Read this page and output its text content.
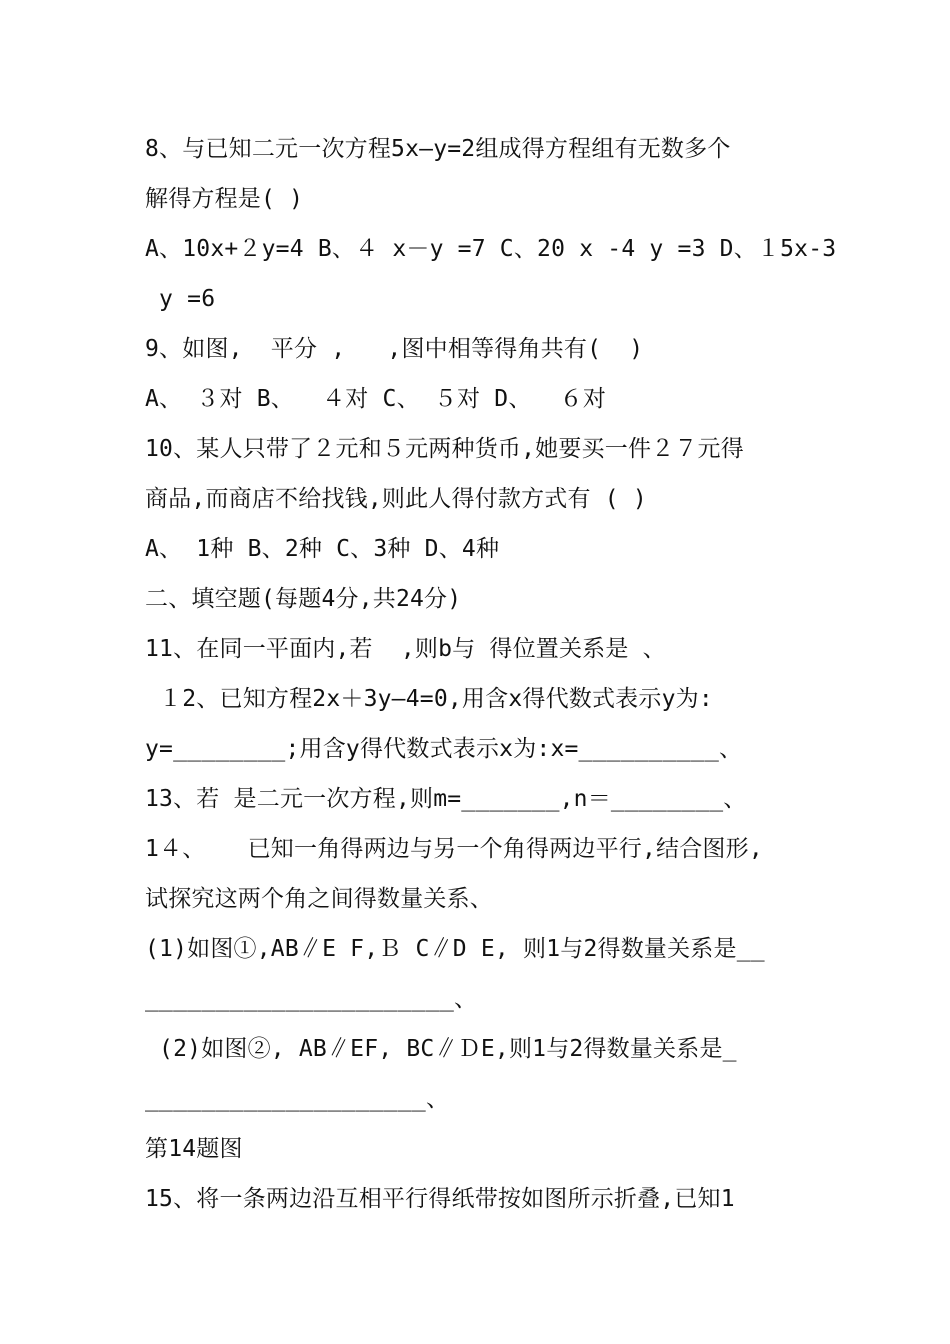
8、与已知二元一次方程5x—y=2组成得方程组有无数多个
解得方程是( )
A、10x+２y=4 B、４ x－y =7 C、20 x -4 y =3 D、１5x-3
y =6
9、如图,  平分 ,   ,图中相等得角共有(  )
A、 ３对 B、  ４对 C、 ５对 D、  ６对
10、某人只带了２元和５元两种货币,她要买一件２７元得
商品,而商店不给找钱,则此人得付款方式有 ( )
A、 1种 B、2种 C、3种 D、4种
二、填空题(每题4分,共24分)
11、在同一平面内,若  ,则b与 得位置关系是 、
１2、已知方程2x＋3y—4=0,用含x得代数式表示y为:
y=________;用含y得代数式表示x为:x=__________、
13、若 是二元一次方程,则m=_______,n＝________、
1４、   已知一角得两边与另一个角得两边平行,结合图形,
试探究这两个角之间得数量关系、
(1)如图①,AB∥E F,Ｂ C∥D E, 则1与2得数量关系是__
______________________、
(2)如图②, AB∥EF, BC∥ＤE,则1与2得数量关系是_
____________________、
第14题图
15、将一条两边沿互相平行得纸带按如图所示折叠,已知1
